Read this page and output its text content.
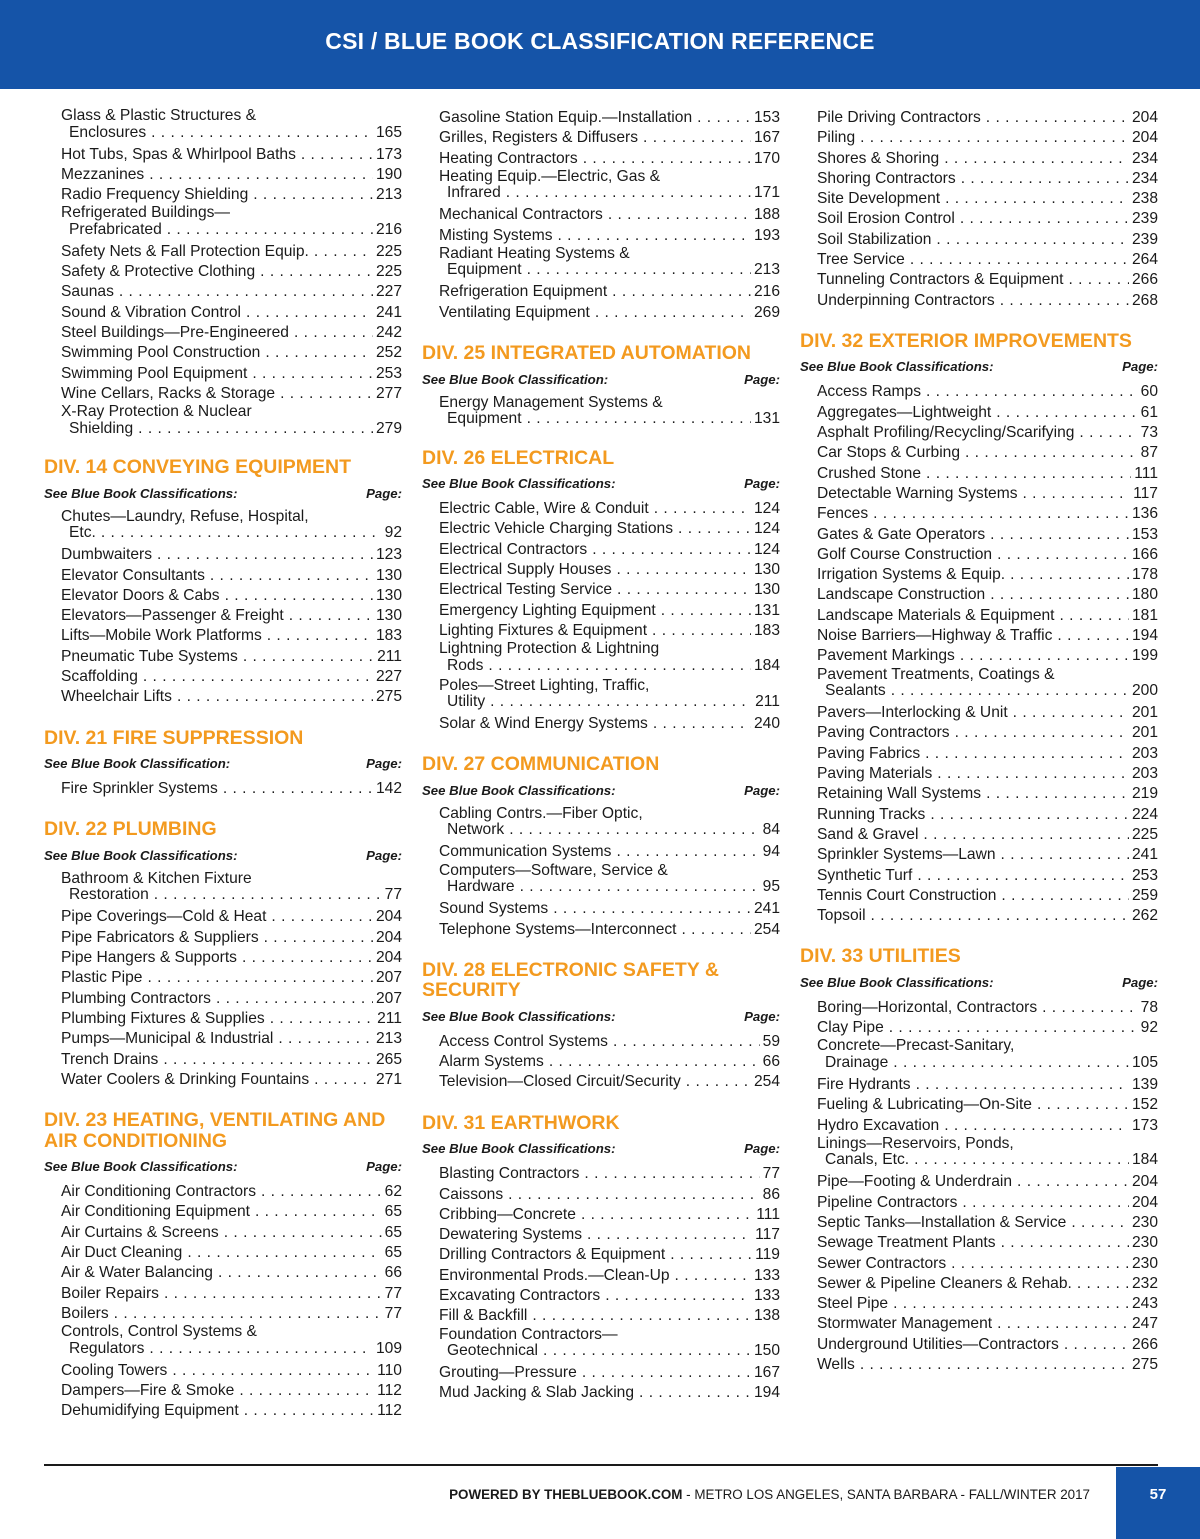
CSI / BLUE BOOK CLASSIFICATION REFERENCE
Glass & Plastic Structures &
Enclosures . . .	165
Hot Tubs, Spas & Whirlpool Baths . . .	173
Mezzanines . . .	190
Radio Frequency Shielding . . .	213
Refrigerated Buildings—
Prefabricated . . .	216
Safety Nets & Fall Protection Equip. . . .	225
Safety & Protective Clothing . . .	225
Saunas . . .	227
Sound & Vibration Control . . .	241
Steel Buildings—Pre-Engineered . . .	242
Swimming Pool Construction . . .	252
Swimming Pool Equipment . . .	253
Wine Cellars, Racks & Storage . . .	277
X-Ray Protection & Nuclear
Shielding . . .	279
DIV. 14 CONVEYING EQUIPMENT
See Blue Book Classifications:	Page:
Chutes—Laundry, Refuse, Hospital,
Etc. . . .	92
Dumbwaiters . . .	123
Elevator Consultants . . .	130
Elevator Doors & Cabs . . .	130
Elevators—Passenger & Freight . . .	130
Lifts—Mobile Work Platforms . . .	183
Pneumatic Tube Systems . . .	211
Scaffolding . . .	227
Wheelchair Lifts . . .	275
DIV. 21 FIRE SUPPRESSION
See Blue Book Classification:	Page:
Fire Sprinkler Systems . . .	142
DIV. 22 PLUMBING
See Blue Book Classifications:	Page:
Bathroom & Kitchen Fixture
Restoration . . .	77
Pipe Coverings—Cold & Heat . . .	204
Pipe Fabricators & Suppliers . . .	204
Pipe Hangers & Supports . . .	204
Plastic Pipe . . .	207
Plumbing Contractors . . .	207
Plumbing Fixtures & Supplies . . .	211
Pumps—Municipal & Industrial . . .	213
Trench Drains . . .	265
Water Coolers & Drinking Fountains . . .	271
DIV. 23 HEATING, VENTILATING AND AIR CONDITIONING
See Blue Book Classifications:	Page:
Air Conditioning Contractors . . .	62
Air Conditioning Equipment . . .	65
Air Curtains & Screens . . .	65
Air Duct Cleaning . . .	65
Air & Water Balancing . . .	66
Boiler Repairs . . .	77
Boilers . . .	77
Controls, Control Systems &
Regulators . . .	109
Cooling Towers . . .	110
Dampers—Fire & Smoke . . .	112
Dehumidifying Equipment . . .	112
Gasoline Station Equip.—Installation . . .	153
Grilles, Registers & Diffusers . . .	167
Heating Contractors . . .	170
Heating Equip.—Electric, Gas &
Infrared . . .	171
Mechanical Contractors . . .	188
Misting Systems . . .	193
Radiant Heating Systems &
Equipment . . .	213
Refrigeration Equipment . . .	216
Ventilating Equipment . . .	269
DIV. 25 INTEGRATED AUTOMATION
See Blue Book Classification:	Page:
Energy Management Systems &
Equipment . . .	131
DIV. 26 ELECTRICAL
See Blue Book Classifications:	Page:
Electric Cable, Wire & Conduit . . .	124
Electric Vehicle Charging Stations . . .	124
Electrical Contractors . . .	124
Electrical Supply Houses . . .	130
Electrical Testing Service . . .	130
Emergency Lighting Equipment . . .	131
Lighting Fixtures & Equipment . . .	183
Lightning Protection & Lightning
Rods . . .	184
Poles—Street Lighting, Traffic,
Utility . . .	211
Solar & Wind Energy Systems . . .	240
DIV. 27 COMMUNICATION
See Blue Book Classifications:	Page:
Cabling Contrs.—Fiber Optic,
Network . . .	84
Communication Systems . . .	94
Computers—Software, Service &
Hardware . . .	95
Sound Systems . . .	241
Telephone Systems—Interconnect . . .	254
DIV. 28 ELECTRONIC SAFETY & SECURITY
See Blue Book Classifications:	Page:
Access Control Systems . . .	59
Alarm Systems . . .	66
Television—Closed Circuit/Security . . .	254
DIV. 31 EARTHWORK
See Blue Book Classifications:	Page:
Blasting Contractors . . .	77
Caissons . . .	86
Cribbing—Concrete . . .	111
Dewatering Systems . . .	117
Drilling Contractors & Equipment . . .	119
Environmental Prods.—Clean-Up . . .	133
Excavating Contractors . . .	133
Fill & Backfill . . .	138
Foundation Contractors—
Geotechnical . . .	150
Grouting—Pressure . . .	167
Mud Jacking & Slab Jacking . . .	194
Pile Driving Contractors . . .	204
Piling . . .	204
Shores & Shoring . . .	234
Shoring Contractors . . .	234
Site Development . . .	238
Soil Erosion Control . . .	239
Soil Stabilization . . .	239
Tree Service . . .	264
Tunneling Contractors & Equipment . . .	266
Underpinning Contractors . . .	268
DIV. 32 EXTERIOR IMPROVEMENTS
See Blue Book Classifications:	Page:
Access Ramps . . .	60
Aggregates—Lightweight . . .	61
Asphalt Profiling/Recycling/Scarifying . . .	73
Car Stops & Curbing . . .	87
Crushed Stone . . .	111
Detectable Warning Systems . . .	117
Fences . . .	136
Gates & Gate Operators . . .	153
Golf Course Construction . . .	166
Irrigation Systems & Equip. . . .	178
Landscape Construction . . .	180
Landscape Materials & Equipment . . .	181
Noise Barriers—Highway & Traffic . . .	194
Pavement Markings . . .	199
Pavement Treatments, Coatings &
Sealants . . .	200
Pavers—Interlocking & Unit . . .	201
Paving Contractors . . .	201
Paving Fabrics . . .	203
Paving Materials . . .	203
Retaining Wall Systems . . .	219
Running Tracks . . .	224
Sand & Gravel . . .	225
Sprinkler Systems—Lawn . . .	241
Synthetic Turf . . .	253
Tennis Court Construction . . .	259
Topsoil . . .	262
DIV. 33 UTILITIES
See Blue Book Classifications:	Page:
Boring—Horizontal, Contractors . . .	78
Clay Pipe . . .	92
Concrete—Precast-Sanitary,
Drainage . . .	105
Fire Hydrants . . .	139
Fueling & Lubricating—On-Site . . .	152
Hydro Excavation . . .	173
Linings—Reservoirs, Ponds,
Canals, Etc. . . .	184
Pipe—Footing & Underdrain . . .	204
Pipeline Contractors . . .	204
Septic Tanks—Installation & Service . . .	230
Sewage Treatment Plants . . .	230
Sewer Contractors . . .	230
Sewer & Pipeline Cleaners & Rehab. . . .	232
Steel Pipe . . .	243
Stormwater Management . . .	247
Underground Utilities—Contractors . . .	266
Wells . . .	275
POWERED BY THEBLUEBOOK.COM - METRO LOS ANGELES, SANTA BARBARA - FALL/WINTER 2017	57
